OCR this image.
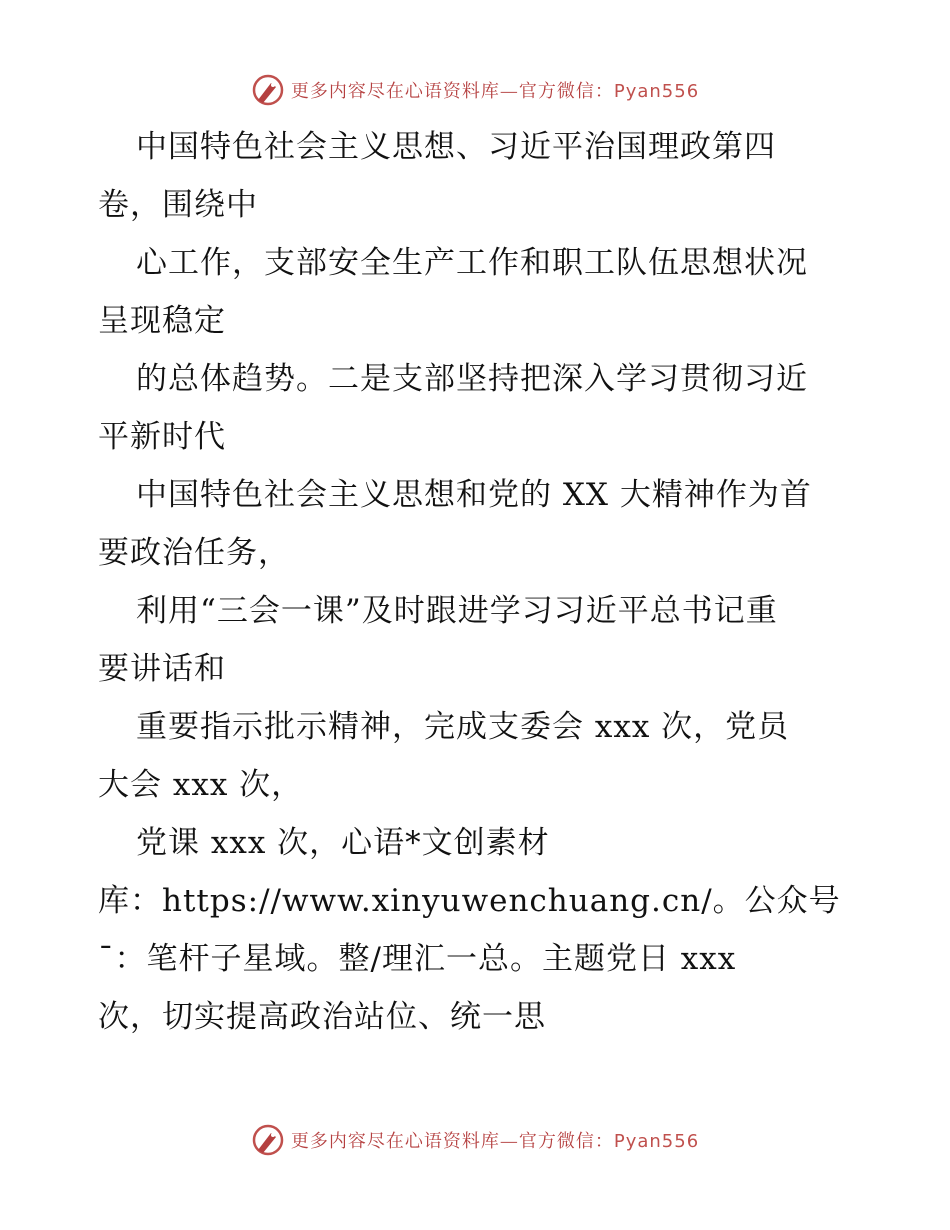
更多内容尽在心语资料库—官方微信：Pyan556
中国特色社会主义思想、习近平治国理政第四
卷，围绕中
心工作，支部安全生产工作和职工队伍思想状况
呈现稳定
的总体趋势。二是支部坚持把深入学习贯彻习近
平新时代
中国特色社会主义思想和党的 XX 大精神作为首
要政治任务，
利用“三会一课”及时跟进学习习近平总书记重
要讲话和
重要指示批示精神，完成支委会 xxx 次，党员
大会 xxx 次，
党课 xxx 次，心语*文创素材
库：https://www.xinyuwenchuang.cn/。公众号
¯：笔杆子星域。整/理汇一总。主题党日 xxx
次，切实提高政治站位、统一思
更多内容尽在心语资料库—官方微信：Pyan556
